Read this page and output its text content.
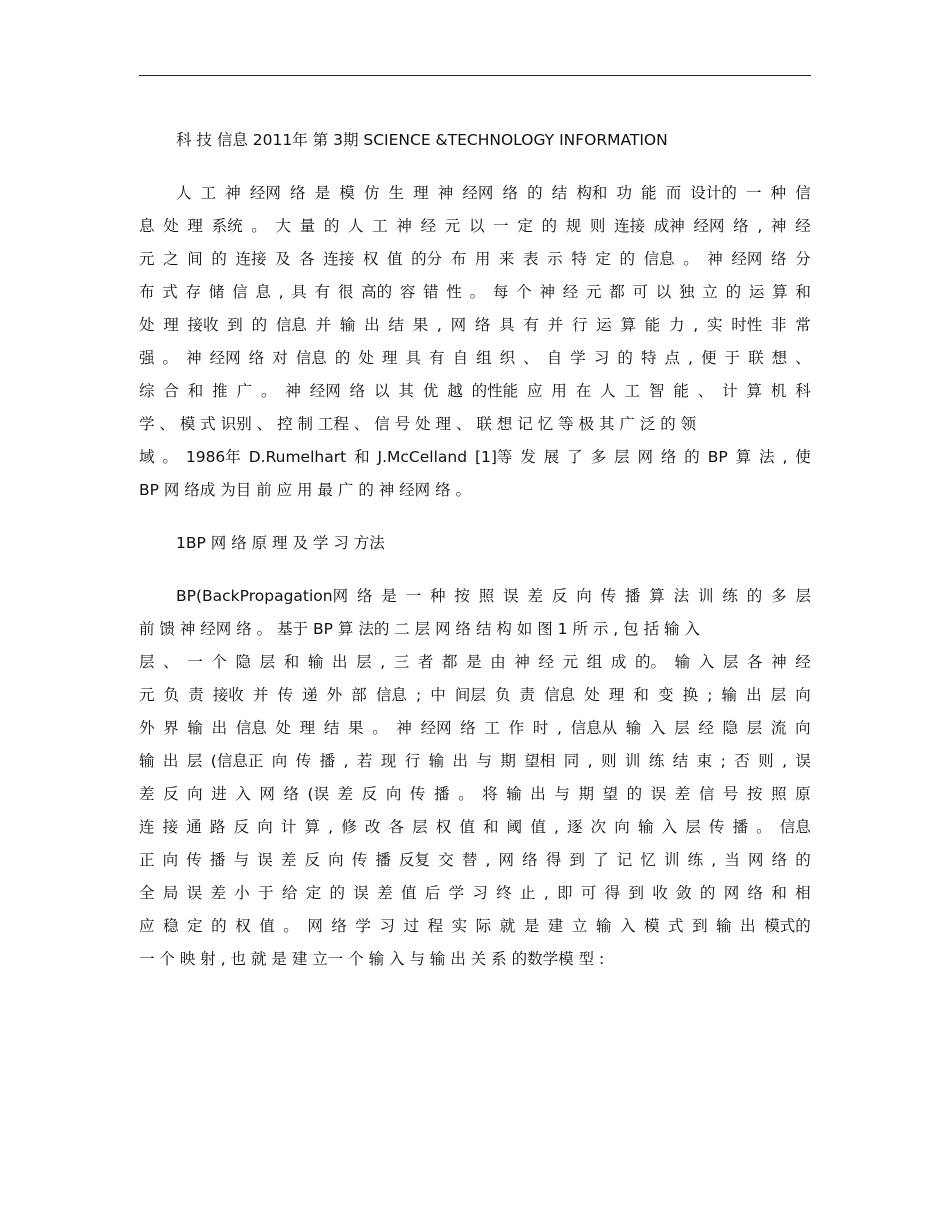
科 技 信息 2011年 第 3期 SCIENCE &TECHNOLOGY INFORMATION
人 工 神 经网 络 是 模 仿 生 理 神 经网 络 的 结 构和 功 能 而 设计的 一 种 信
息 处 理 系统 。 大 量 的 人 工 神 经 元 以 一 定 的 规 则 连接 成神 经网 络 , 神 经
元 之 间 的 连接 及 各 连接 权 值 的分 布 用 来 表 示 特 定 的 信息 。 神 经网 络 分
布 式 存 储 信 息 , 具 有 很 高的 容 错 性 。 每 个 神 经 元 都 可 以 独 立 的 运 算 和
处 理 接收 到 的 信息 并 输 出 结 果 , 网 络 具 有 并 行 运 算 能 力 , 实 时性 非 常
强 。 神 经网 络 对 信息 的 处 理 具 有 自 组 织 、 自 学 习 的 特 点 , 便 于 联 想 、
综 合 和 推 广 。 神 经网 络 以 其 优 越 的性能 应 用 在 人 工 智 能 、 计 算 机 科
学 、 模 式 识别 、 控 制 工程 、 信 号 处 理 、 联 想 记 忆 等 极 其 广 泛 的 领
域 。 1986年 D.Rumelhart 和 J.McCelland [1]等 发 展 了 多 层 网 络 的 BP 算 法 , 使
BP 网 络成 为目 前 应 用 最 广 的 神 经网 络 。
1BP 网 络 原 理 及 学 习 方法
BP(BackPropagation网 络 是 一 种 按 照 误 差 反 向 传 播 算 法 训 练 的 多 层
前 馈 神 经网 络 。 基于 BP 算 法的 二 层 网 络 结 构 如 图 1 所 示 , 包 括 输 入
层 、 一 个 隐 层 和 输 出 层 , 三 者 都 是 由 神 经 元 组 成 的。 输 入 层 各 神 经
元 负 责 接收 并 传 递 外 部 信息 ; 中 间层 负 责 信息 处 理 和 变 换 ; 输 出 层 向
外 界 输 出 信息 处 理 结 果 。 神 经网 络 工 作 时 , 信息从 输 入 层 经 隐 层 流 向
输 出 层 (信息正 向 传 播 , 若 现 行 输 出 与 期 望相 同 , 则 训 练 结 束 ; 否 则 , 误
差 反 向 进 入 网 络 (误 差 反 向 传 播 。 将 输 出 与 期 望 的 误 差 信 号 按 照 原
连 接 通 路 反 向 计 算 , 修 改 各 层 权 值 和 阈 值 , 逐 次 向 输 入 层 传 播 。 信息
正 向 传 播 与 误 差 反 向 传 播 反复 交 替 , 网 络 得 到 了 记 忆 训 练 , 当 网 络 的
全 局 误 差 小 于 给 定 的 误 差 值 后 学 习 终 止 , 即 可 得 到 收 敛 的 网 络 和 相
应 稳 定 的 权 值 。 网 络 学 习 过 程 实 际 就 是 建 立 输 入 模 式 到 输 出 模式的
一 个 映 射 , 也 就 是 建 立一 个 输 入 与 输 出 关 系 的数学模 型 :
